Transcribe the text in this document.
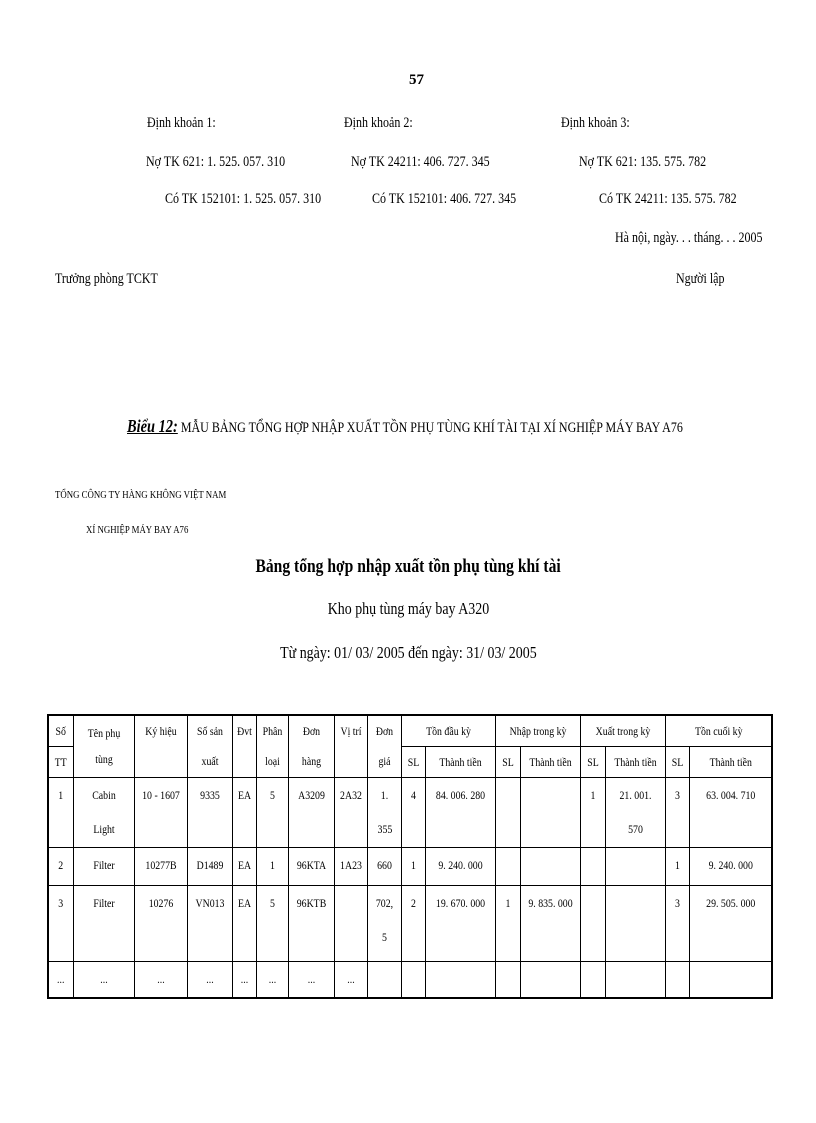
57
Định khoản 1:	Định khoản 2:	Định khoản 3:
Nợ TK 621: 1. 525. 057. 310	Nợ TK 24211: 406. 727. 345	Nợ TK 621: 135. 575. 782
Có TK 152101: 1. 525. 057. 310	Có TK 152101: 406. 727. 345	Có TK 24211: 135. 575. 782
Hà nội, ngày. . . tháng. . . 2005
Trưởng phòng TCKT	Người lập
Biểu 12: MẪU BẢNG TỔNG HỢP NHẬP XUẤT TỒN PHỤ TÙNG KHÍ TÀI TẠI XÍ NGHIỆP MÁY BAY A76
TỔNG CÔNG TY HÀNG KHÔNG VIỆT NAM
XÍ NGHIỆP MÁY BAY A76
Bảng tổng hợp nhập xuất tồn phụ tùng khí tài
Kho phụ tùng máy bay A320
Từ ngày: 01/ 03/ 2005 đến ngày: 31/ 03/ 2005
Số	Tên phụ tùng	Ký hiệu	Số sản xuất	Đvt	Phân loại	Đơn hàng	Vị trí	Đơn giá	Tồn đầu kỳ		Nhập trong kỳ		Xuất trong kỳ		Tồn cuối kỳ	

TT									SL	Thành tiền	SL	Thành tiền	SL	Thành tiền	SL	Thành tiền

1	Cabin Light	10 - 1607	9335	EA	5	A3209	2A32	1. 355	4	84. 006. 280			1	21. 001. 570	3	63. 004. 710

2	Filter	10277B	D1489	EA	1	96KTA	1A23	660	1	9. 240. 000					1	9. 240. 000

3	Filter	10276	VN013	EA	5	96KTB		702, 5	2	19. 670. 000	1	9. 835. 000			3	29. 505. 000

...	...	...	...	...	...	...	...									
